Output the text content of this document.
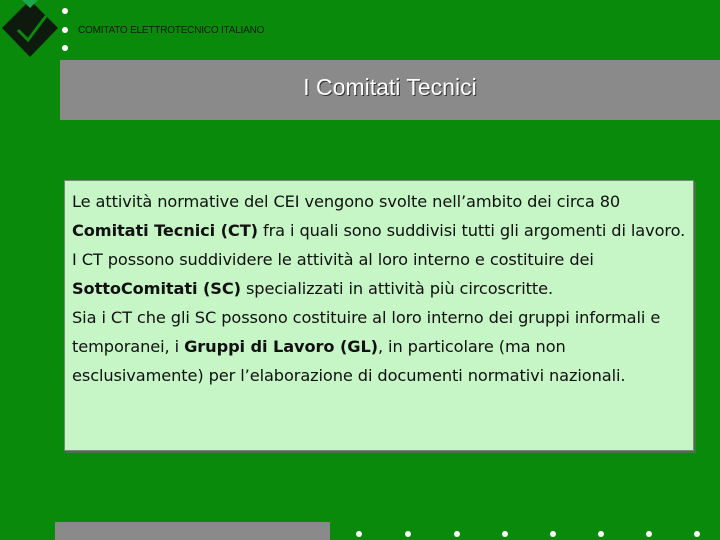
COMITATO ELETTROTECNICO ITALIANO
I Comitati Tecnici

Le attività normative del CEI vengono svolte nell’ambito dei circa 80 Comitati Tecnici (CT) fra i quali sono suddivisi tutti gli argomenti di lavoro.

I CT possono suddividere le attività al loro interno e costituire dei SottoComitati (SC) specializzati in attività più circoscritte.

Sia i CT che gli SC possono costituire al loro interno dei gruppi informali e temporanei, i Gruppi di Lavoro (GL), in particolare (ma non esclusivamente) per l’elaborazione di documenti normativi nazionali.
